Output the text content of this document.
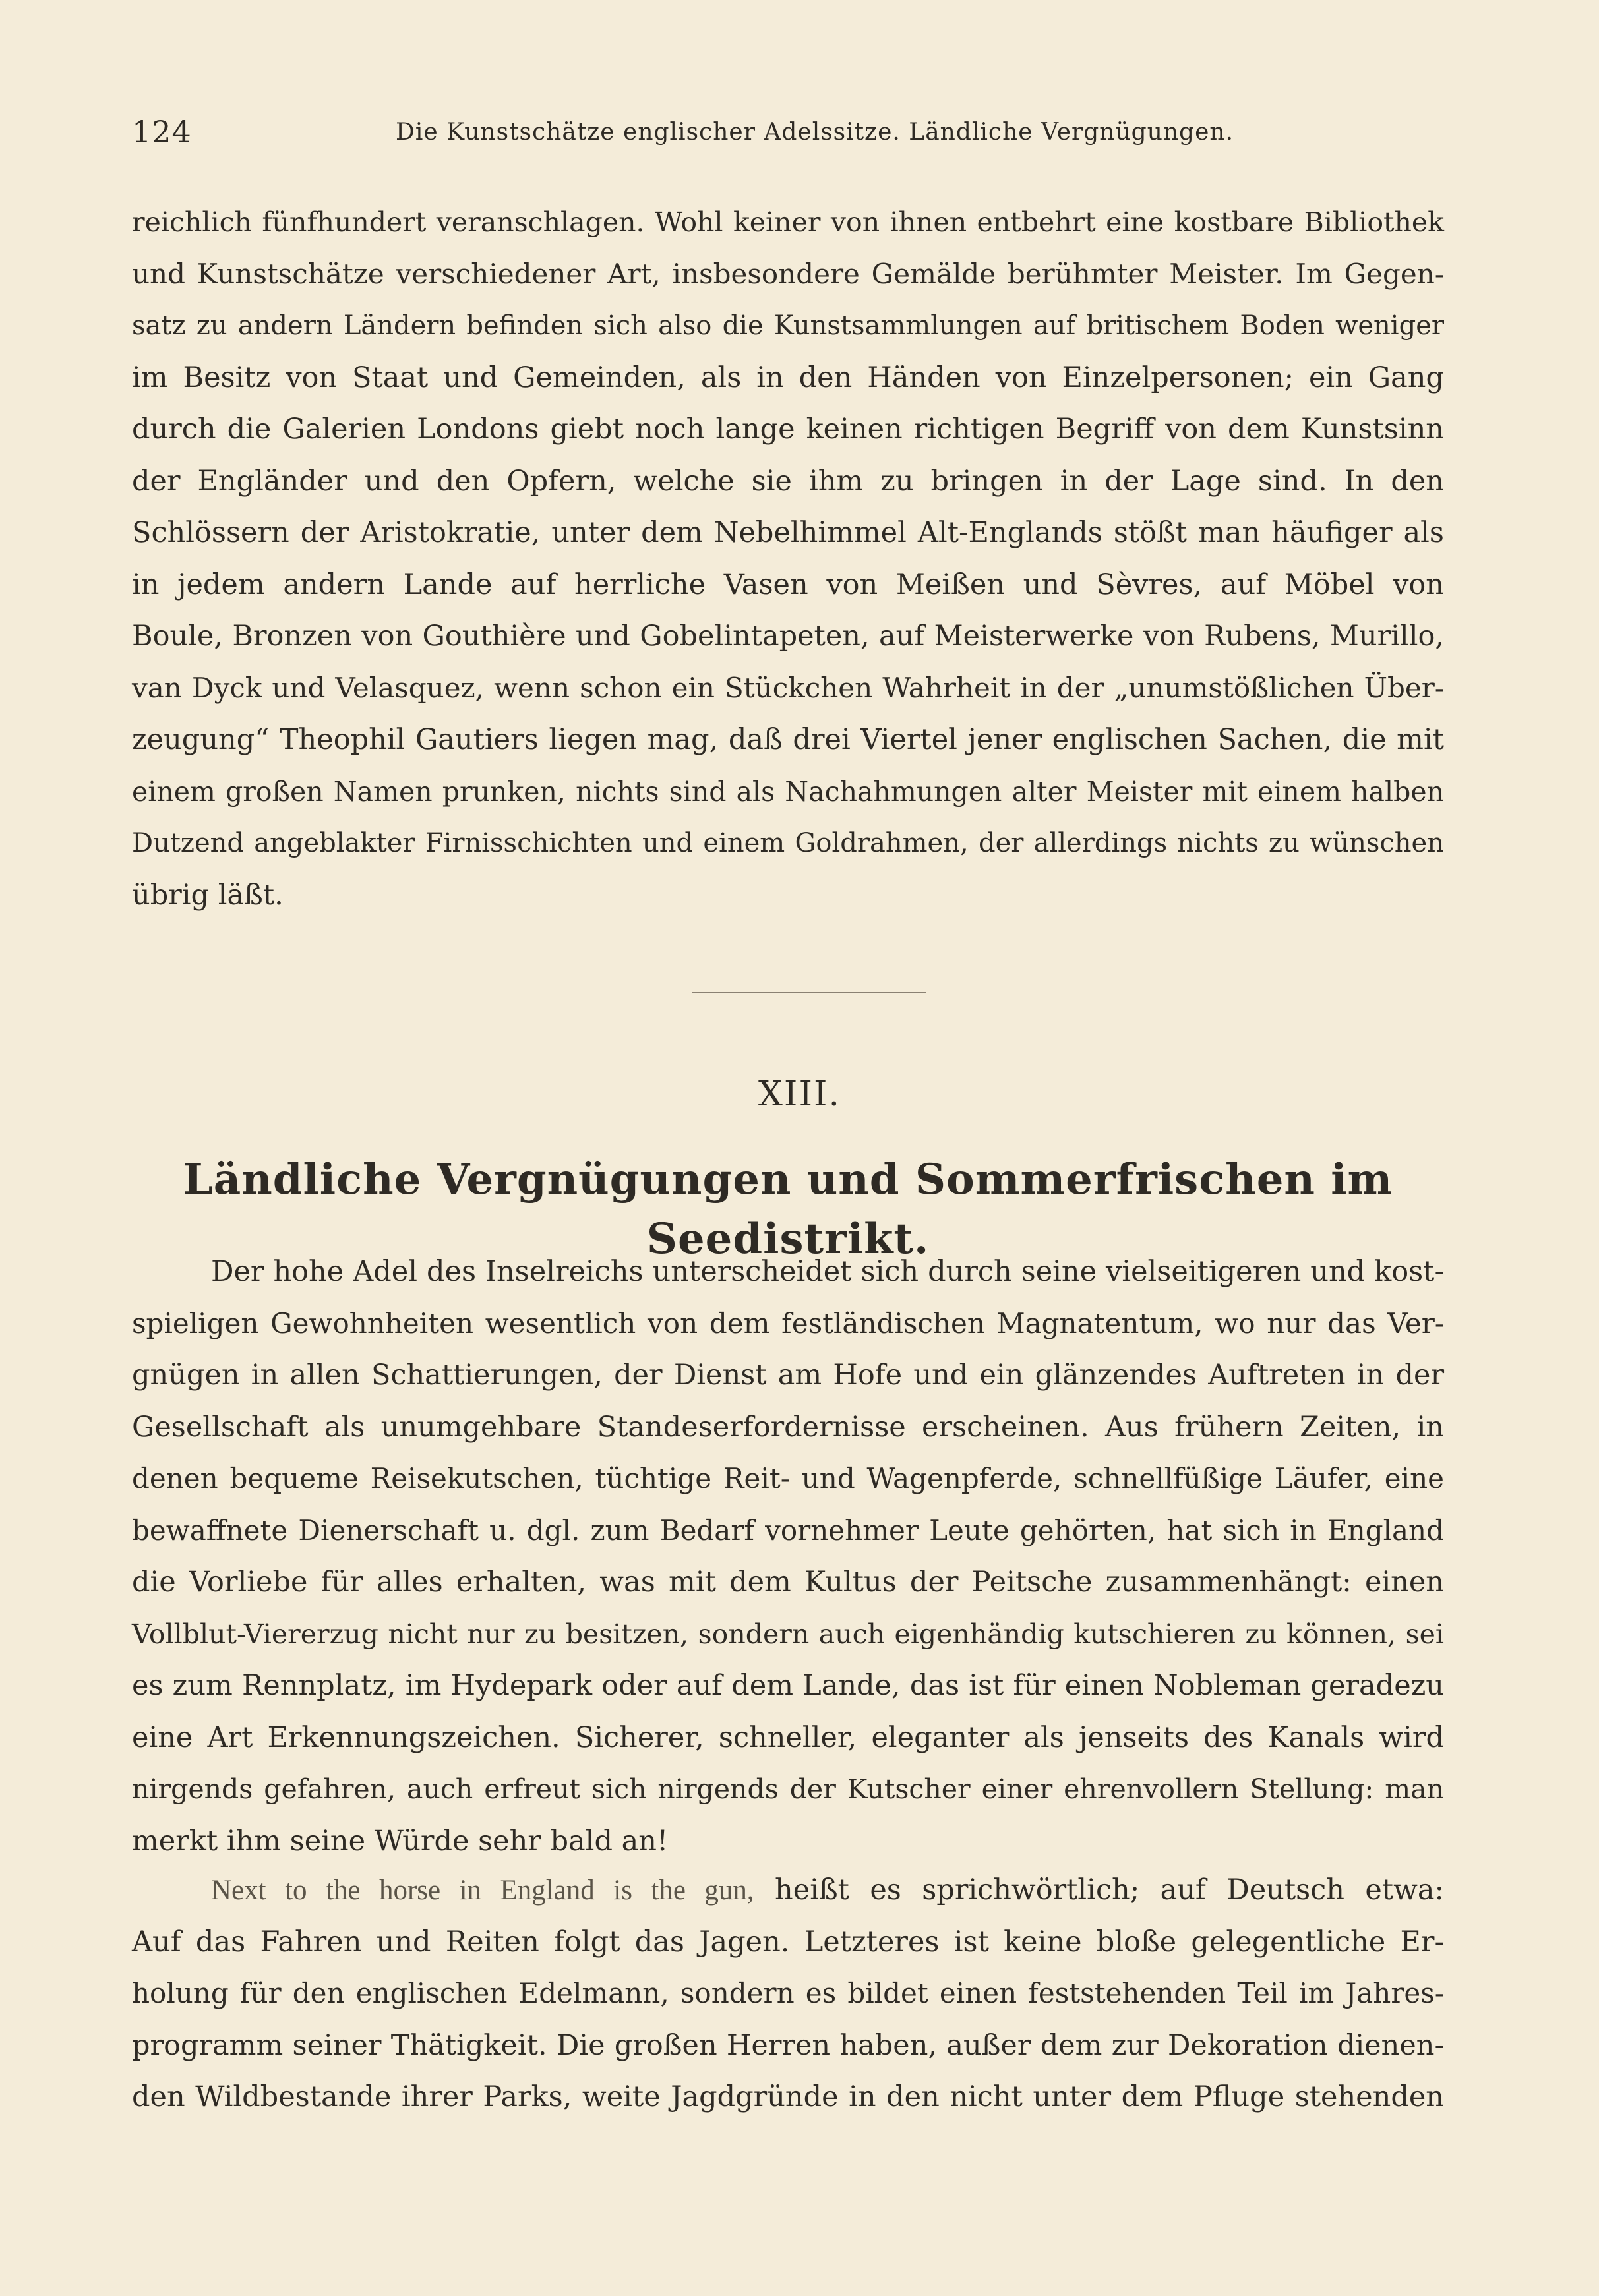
124	Die Kunstschätze englischer Adelssitze. Ländliche Vergnügungen.
reichlich fünfhundert veranschlagen. Wohl keiner von ihnen entbehrt eine kostbare Bibliothek
und Kunstschätze verschiedener Art, insbesondere Gemälde berühmter Meister. Im Gegen-
satz zu andern Ländern befinden sich also die Kunstsammlungen auf britischem Boden weniger
im Besitz von Staat und Gemeinden, als in den Händen von Einzelpersonen; ein Gang
durch die Galerien Londons giebt noch lange keinen richtigen Begriff von dem Kunstsinn
der Engländer und den Opfern, welche sie ihm zu bringen in der Lage sind. In den
Schlössern der Aristokratie, unter dem Nebelhimmel Alt-Englands stößt man häufiger als
in jedem andern Lande auf herrliche Vasen von Meißen und Sèvres, auf Möbel von
Boule, Bronzen von Gouthière und Gobelintapeten, auf Meisterwerke von Rubens, Murillo,
van Dyck und Velasquez, wenn schon ein Stückchen Wahrheit in der „unumstößlichen Über-
zeugung“ Theophil Gautiers liegen mag, daß drei Viertel jener englischen Sachen, die mit
einem großen Namen prunken, nichts sind als Nachahmungen alter Meister mit einem halben
Dutzend angeblakter Firnisschichten und einem Goldrahmen, der allerdings nichts zu wünschen
übrig läßt.
XIII.
Ländliche Vergnügungen und Sommerfrischen im Seedistrikt.
Der hohe Adel des Inselreichs unterscheidet sich durch seine vielseitigeren und kost-
spieligen Gewohnheiten wesentlich von dem festländischen Magnatentum, wo nur das Ver-
gnügen in allen Schattierungen, der Dienst am Hofe und ein glänzendes Auftreten in der
Gesellschaft als unumgehbare Standeserfordernisse erscheinen. Aus frühern Zeiten, in
denen bequeme Reisekutschen, tüchtige Reit- und Wagenpferde, schnellfüßige Läufer, eine
bewaffnete Dienerschaft u. dgl. zum Bedarf vornehmer Leute gehörten, hat sich in England
die Vorliebe für alles erhalten, was mit dem Kultus der Peitsche zusammenhängt: einen
Vollblut-Viererzug nicht nur zu besitzen, sondern auch eigenhändig kutschieren zu können, sei
es zum Rennplatz, im Hydepark oder auf dem Lande, das ist für einen Nobleman geradezu
eine Art Erkennungszeichen. Sicherer, schneller, eleganter als jenseits des Kanals wird
nirgends gefahren, auch erfreut sich nirgends der Kutscher einer ehrenvollern Stellung: man
merkt ihm seine Würde sehr bald an!
Next to the horse in England is the gun, heißt es sprichwörtlich; auf Deutsch etwa:
Auf das Fahren und Reiten folgt das Jagen. Letzteres ist keine bloße gelegentliche Er-
holung für den englischen Edelmann, sondern es bildet einen feststehenden Teil im Jahres-
programm seiner Thätigkeit. Die großen Herren haben, außer dem zur Dekoration dienen-
den Wildbestande ihrer Parks, weite Jagdgründe in den nicht unter dem Pfluge stehenden
